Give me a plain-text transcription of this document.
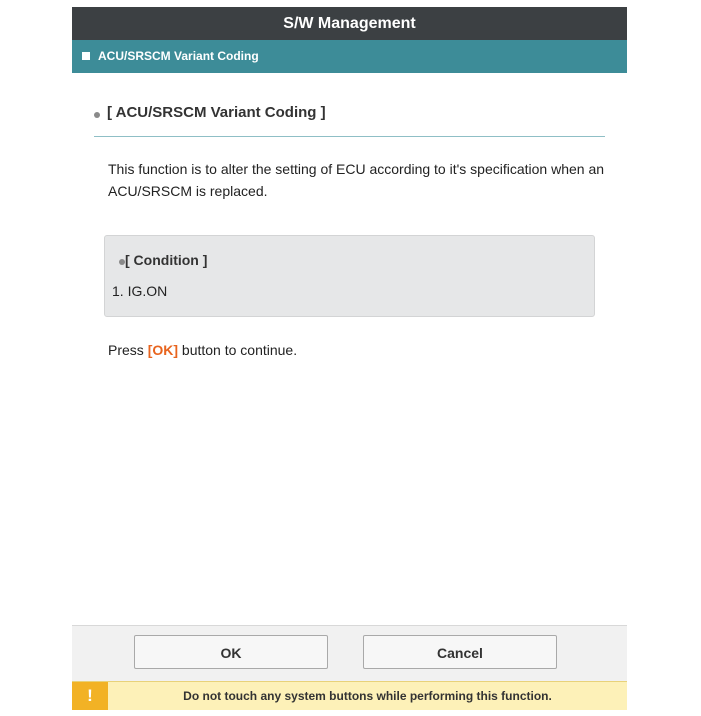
S/W Management
ACU/SRSCM Variant Coding
[ ACU/SRSCM Variant Coding ]
This function is to alter the setting of ECU according to it's specification when an ACU/SRSCM is replaced.
[ Condition ]
1. IG.ON
Press [OK] button to continue.
OK	Cancel
!	Do not touch any system buttons while performing this function.
